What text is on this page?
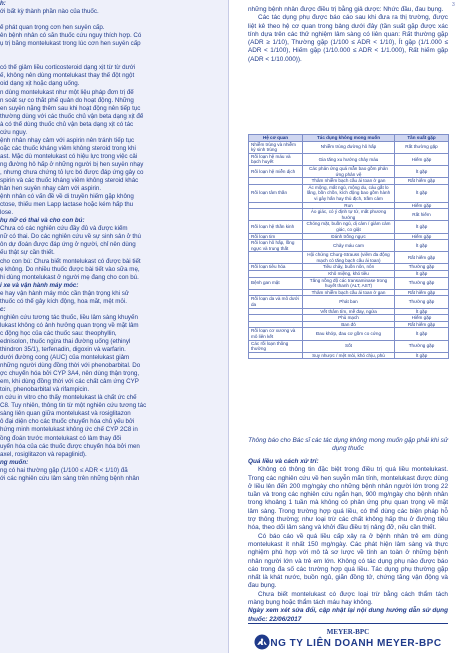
h:

ới bất kỳ thành phần nào của thuốc.

ể phát quan trọng cơn hen suyễn cấp.

ên bệnh nhân có sẵn thuốc cứu nguy thích hợp. Có

ụ trị bằng montelukast trong lúc cơn hen suyễn cấp

có thể giảm liều corticosteroid dạng xịt từ từ dưới

ế, không nên dùng montelukast thay thế đột ngột

oid dạng xịt hoặc dạng uống.

n dùng montelukast như một liệu pháp đơn trị để

n soát sự co thắt phế quản do hoạt động. Những

en suyễn nặng thêm sau khi hoạt động nên tiếp tục

thường dùng với các thuốc chủ vận beta dạng xịt để

à có thể dùng thuốc chủ vận beta dạng xịt có tác

cứu nguy.

ệnh nhân nhạy cảm với aspirin nên tránh tiếp tục

oặc các thuốc kháng viêm không steroid trong khi

ast. Mặc dù montelukast có hiệu lực trong việc cải

ng đường hô hấp ở những người bị hen suyễn nhạy

, nhưng chưa chứng tỏ lực bó được đáp ứng gây co

spirin và các thuốc kháng viêm không steroid khác

hân hen suyễn nhạy cảm với aspirin.

ệnh nhân có vấn đề về di truyền hiếm gặp không

ctose, thiếu men Lapp lactase hoặc kém hấp thu

lose.

hụ nữ có thai và cho con bú:

Chưa có các nghiên cứu đầy đủ và được kiểm

nữ có thai. Do các nghiên cứu về sự sinh sản ở thú

ôn dự đoán được đáp ứng ở người, chỉ nên dùng

ếu thật sự cần thiết.

cho con bú: Chưa biết montelukast có được bài tiết

ẹ không. Do nhiều thuốc được bài tiết vào sữa mẹ,

hi dùng montelukast ở người mẹ đang cho con bú.

i xe và vận hành máy móc:

e hay vận hành máy móc cần thận trọng khi sử

thuốc có thể gây kích động, hoa mắt, mệt mỏi.

c:

nghiên cứu tương tác thuốc, liều lâm sàng khuyến

lukast không có ảnh hưởng quan trọng về mặt lâm

c động học của các thuốc sau: theophyllin,

ednisolon, thuốc ngừa thai đường uống (ethinyl

thindron 35/1), terfenadin, digoxin và warfarin.

dưới đường cong (AUC) của montelukast giảm

những người dùng đồng thời với phenobarbital. Do

ợc chuyển hóa bởi CYP 3A4, nên dùng thận trọng,

em, khi dùng đồng thời với các chất cảm ứng CYP

toin, phenobarbital và rifampicin.

n cứu in vitro cho thấy montelukast là chất ức chế

C8. Tuy nhiên, thông tin từ một nghiên cứu tương tác

sàng liên quan giữa montelukast và rosiglitazon

ô đại diện cho các thuốc chuyển hóa chủ yếu bởi

hứng minh montelukast không ức chế CYP 2C8 in

ồng đoán trước montelukast có làm thay đổi

uyển hóa của các thuốc được chuyển hóa bởi men

axel, rosiglitazon và repaglinid).

ng muốn:

ng có hai thường gặp (1/100 ≤ ADR < 1/10) đã

ới các nghiên cứu lâm sàng trên những bệnh nhân

3

những bệnh nhân được điều trị bằng giả dược: Nhức đầu, đau bụng.

Các tác dụng phụ được báo cáo sau khi đưa ra thị trường, được liệt kê theo hệ cơ quan trong bảng dưới đây (tần suất gặp được xác tính dựa trên các thử nghiệm lâm sàng có liên quan: Rất thường gặp (ADR ≥ 1/10), Thường gặp (1/100 ≤ ADR < 1/10), Ít gặp (1/1.000 ≤ ADR < 1/100), Hiếm gặp (1/10.000 ≤ ADR < 1/1.000), Rất hiếm gặp (ADR < 1/10.000)).

Hệ cơ quan	Tác dụng không mong muốn	Tần suất gặp
Nhiễm trùng và nhiễm ký sinh trùng	Nhiễm trùng đường hô hấp	Rất thường gặp
Rối loạn hệ máu và bạch huyết	Gia tăng xu hướng chảy máu	Hiếm gặp
Rối loạn hệ miễn dịch	Các phản ứng quá mẫn bao gồm phản ứng phản vệ	Ít gặp
	Thâm nhiễm bạch cầu ái toan ở gan	Rất hiếm gặp
Rối loạn tâm thần	Ác mộng, mất ngủ, mộng du, cáu gắt lo lắng, bồn chồn, kích động bao gồm hành vi gây hấn hay thù địch, trầm cảm	Ít gặp
	Run	Hiếm gặp
	Ảo giác, có ý định tự tử, mất phương hướng	Rất hiếm
Rối loạn hệ thần kinh	Chóng mặt, buồn ngủ, dị cảm / giảm cảm giác, co giật	Ít gặp
Rối loạn tim	Đánh trống ngực	Hiếm gặp
Rối loạn hô hấp, lồng ngực và trung thất	Chảy máu cam	Ít gặp
	Hội chứng Churg-Strauss (viêm đa động mạch có tăng bạch cầu ái toan)	Rất hiếm gặp
Rối loạn tiêu hóa	Tiêu chảy, buồn nôn, nôn	Thường gặp
	Khô miệng, khó tiêu	Ít gặp
Bệnh gan mật	Tăng nồng độ các transaminase trong huyết thanh (ALT, AST)	Thường gặp
	Thâm nhiễm bạch cầu ái toan ở gan	Rất hiếm gặp
Rối loạn da và mô dưới da	Phát ban	Thường gặp
	Vết thâm tím, mề đay, ngứa	Ít gặp
	Phù mạch	Hiếm gặp
	Ban đỏ	Rất hiếm gặp
Rối loạn cơ xương và mô liên kết	Đau khớp, đau cơ gồm co cứng	Ít gặp
Các rối loạn thông thường	Sốt	Thường gặp
	Suy nhược / mệt mỏi, khó chịu, phù	Ít gặp
Thông báo cho Bác sĩ các tác dụng không mong muốn gặp phải khi sử dụng thuốc

Quá liều và cách xử trí:

Không có thông tin đặc biệt trong điều trị quá liều montelukast. Trong các nghiên cứu về hen suyễn mãn tính, montelukast được dùng ở liều lên đến 200 mg/ngày cho những bệnh nhân người lớn trong 22 tuần và trong các nghiên cứu ngắn hạn, 900 mg/ngày cho bệnh nhân trong khoảng 1 tuần mà không có phản ứng phụ quan trọng về mặt lâm sàng. Trong trường hợp quá liều, có thể dùng các biện pháp hỗ trợ thông thường; như loại trừ các chất không hấp thu ở đường tiêu hóa, theo dõi lâm sàng và khởi đầu điều trị nâng đỡ, nếu cần thiết.

Có báo cáo về quá liều cấp xảy ra ở bệnh nhân trẻ em dùng montelukast ít nhất 150 mg/ngày. Các phát hiện lâm sàng và thực nghiệm phù hợp với mô tả sơ lược về tính an toàn ở những bệnh nhân người lớn và trẻ em lớn. Không có tác dụng phụ nào được báo cáo trong đa số các trường hợp quá liều. Tác dụng phụ thường gặp nhất là khát nước, buồn ngủ, giãn đồng tử, chứng tăng vận động và đau bụng.

Chưa biết montelukast có được loại trừ bằng cách thẩm tách màng bụng hoặc thẩm tách máu hay không.

Ngày xem xét sửa đổi, cập nhật lại nội dung hướng dẫn sử dụng thuốc: 22/06/2017

MEYER-BPC
CÔNG TY LIÊN DOANH MEYER-BPC
